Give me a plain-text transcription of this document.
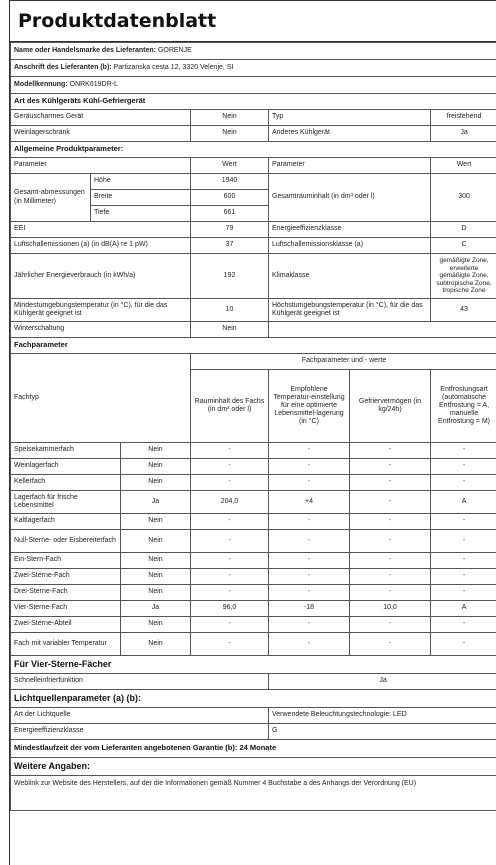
Produktdatenblatt
Name oder Handelsmarke des Lieferanten: GORENJE						
Anschrift des Lieferanten (b): Partizanska cesta 12, 3320 Velenje, SI						
Modellkennung: ONRK619DR-L						
Art des Kühlgeräts Kühl-Gefriergerät						
Geräuscharmes Gerät			Nein	Typ		freistehend
Weinlagerschrank			Nein	Anderes Kühlgerät		Ja
Allgemeine Produktparameter:						
Parameter			Wert	Parameter		Wert
Gesamt-abmessungen (in Millimeter)	Höhe		1940	Gesamtrauminhalt (in dm³ oder l)		300
	Breite		600			
	Tiefe		661			
EEI			79	Energieeffizienzklasse		D
Luftschallemissionen (a) (in dB(A) re 1 pW)			37	Luftschallemissionsklasse (a)		C
Jährlicher Energieverbrauch (in kWh/a)			192	Klimaklasse		gemäßigte Zone, erweiterte gemäßigte Zone, subtropische Zone, tropische Zone
Mindestumgebungstemperatur (in °C), für die das Kühlgerät geeignet ist			10	Höchstumgebungstemperatur (in °C), für die das Kühlgerät geeignet ist		43
Winterschaltung			Nein			
Fachparameter						
Fachtyp			Fachparameter und - werte			
			Rauminhalt des Fachs (in dm³ oder l)	Empfohlene Temperatur-einstellung für eine optimierte Lebensmittel-lagerung (in °C)	Gefriervermögen (in kg/24h)	Entfrostungsart (automatische Entfrostung = A, manuelle Entfrostung = M)
Speisekammerfach		Nein	-	-	-	-
Weinlagerfach		Nein	-	-	-	-
Kellerfach		Nein	-	-	-	-
Lagerfach für frische Lebensmittel		Ja	204,0	+4	-	A
Kaltlagerfach		Nein	-	-	-	-
Null-Sterne- oder Eisbereiterfach		Nein	-	-	-	-
Ein-Stern-Fach		Nein	-	-	-	-
Zwei-Sterne-Fach		Nein	-	-	-	-
Drei-Sterne-Fach		Nein	-	-	-	-
Vier-Sterne-Fach		Ja	96,0	-18	10,0	A
Zwei-Sterne-Abteil		Nein	-	-	-	-
Fach mit variabler Temperatur		Nein	-	-	-	-
Für Vier-Sterne-Fächer						
Schnelleinfrierfunktion				Ja		
Lichtquellenparameter (a) (b):						
Art der Lichtquelle				Verwendete Beleuchtungstechnologie: LED		
Energieeffizienzklasse				G		
Mindestlaufzeit der vom Lieferanten angebotenen Garantie (b): 24 Monate						
Weitere Angaben:						
Weblink zur Website des Herstellers, auf der die Informationen gemäß Nummer 4 Buchstabe a des Anhangs der Verordnung (EU)						
